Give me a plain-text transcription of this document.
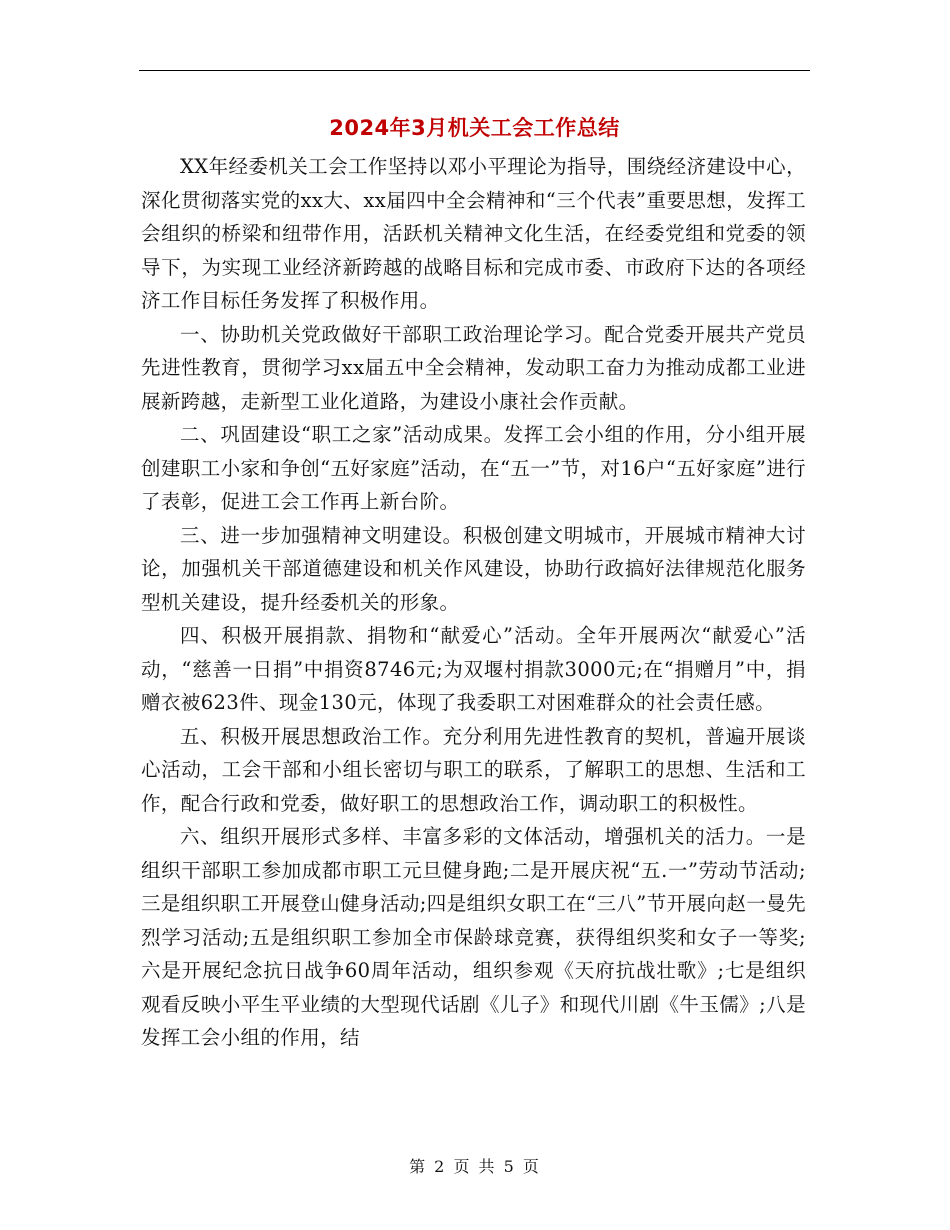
2024年3月机关工会工作总结

XX年经委机关工会工作坚持以邓小平理论为指导，围绕经济建设中心，深化贯彻落实党的xx大、xx届四中全会精神和“三个代表”重要思想，发挥工会组织的桥梁和纽带作用，活跃机关精神文化生活，在经委党组和党委的领导下，为实现工业经济新跨越的战略目标和完成市委、市政府下达的各项经济工作目标任务发挥了积极作用。

一、协助机关党政做好干部职工政治理论学习。配合党委开展共产党员先进性教育，贯彻学习xx届五中全会精神，发动职工奋力为推动成都工业进展新跨越，走新型工业化道路，为建设小康社会作贡献。

二、巩固建设“职工之家”活动成果。发挥工会小组的作用，分小组开展创建职工小家和争创“五好家庭”活动，在“五一”节，对16户“五好家庭”进行了表彰，促进工会工作再上新台阶。

三、进一步加强精神文明建设。积极创建文明城市，开展城市精神大讨论，加强机关干部道德建设和机关作风建设，协助行政搞好法律规范化服务型机关建设，提升经委机关的形象。

四、积极开展捐款、捐物和“献爱心”活动。全年开展两次“献爱心”活动，“慈善一日捐”中捐资8746元;为双堰村捐款3000元;在“捐赠月”中，捐赠衣被623件、现金130元，体现了我委职工对困难群众的社会责任感。

五、积极开展思想政治工作。充分利用先进性教育的契机，普遍开展谈心活动，工会干部和小组长密切与职工的联系，了解职工的思想、生活和工作，配合行政和党委，做好职工的思想政治工作，调动职工的积极性。

六、组织开展形式多样、丰富多彩的文体活动，增强机关的活力。一是组织干部职工参加成都市职工元旦健身跑;二是开展庆祝“五.一”劳动节活动;三是组织职工开展登山健身活动;四是组织女职工在“三八”节开展向赵一曼先烈学习活动;五是组织职工参加全市保龄球竞赛，获得组织奖和女子一等奖;六是开展纪念抗日战争60周年活动，组织参观《天府抗战壮歌》;七是组织观看反映小平生平业绩的大型现代话剧《儿子》和现代川剧《牛玉儒》;八是发挥工会小组的作用，结

第 2 页 共 5 页
